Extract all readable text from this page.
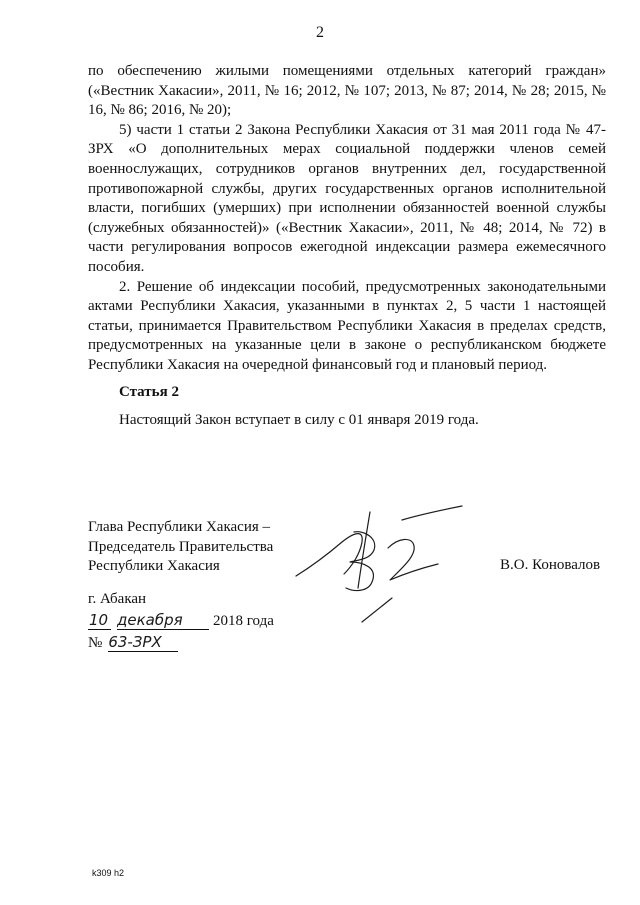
2

по обеспечению жилыми помещениями отдельных категорий граждан» («Вестник Хакасии», 2011, № 16; 2012, № 107; 2013, № 87; 2014, № 28; 2015, № 16, № 86; 2016, № 20);

5) части 1 статьи 2 Закона Республики Хакасия от 31 мая 2011 года № 47-ЗРХ «О дополнительных мерах социальной поддержки членов семей военнослужащих, сотрудников органов внутренних дел, государственной противопожарной службы, других государственных органов исполнительной власти, погибших (умерших) при исполнении обязанностей военной службы (служебных обязанностей)» («Вестник Хакасии», 2011, № 48; 2014, № 72) в части регулирования вопросов ежегодной индексации размера ежемесячного пособия.

2. Решение об индексации пособий, предусмотренных законодательными актами Республики Хакасия, указанными в пунктах 2, 5 части 1 настоящей статьи, принимается Правительством Республики Хакасия в пределах средств, предусмотренных на указанные цели в законе о республиканском бюджете Республики Хакасия на очередной финансовый год и плановый период.

Статья 2
Настоящий Закон вступает в силу с 01 января 2019 года.
Глава Республики Хакасия –
Председатель Правительства
Республики Хакасия	В.О. Коновалов
г. Абакан
10 декабря	2018 года
№ 63-ЗРХ
k309 h2
